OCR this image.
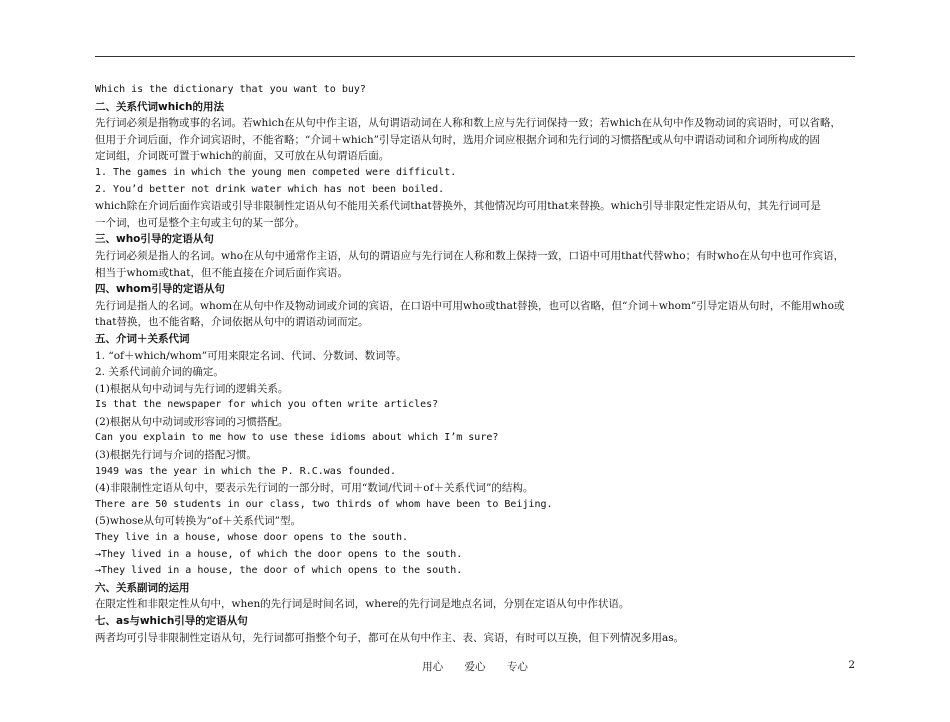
Which is the dictionary that you want to buy?
二、关系代词which的用法
先行词必须是指物或事的名词。若which在从句中作主语，从句谓语动词在人称和数上应与先行词保持一致；若which在从句中作及物动词的宾语时，可以省略，
但用于介词后面，作介词宾语时，不能省略；“介词＋which”引导定语从句时，选用介词应根据介词和先行词的习惯搭配或从句中谓语动词和介词所构成的固
定词组，介词既可置于which的前面，又可放在从句谓语后面。
1. The games in which the young men competed were difficult.
2. You’d better not drink water which has not been boiled.
which除在介词后面作宾语或引导非限制性定语从句不能用关系代词that替换外，其他情况均可用that来替换。which引导非限定性定语从句，其先行词可是
一个词，也可是整个主句或主句的某一部分。
三、who引导的定语从句
先行词必须是指人的名词。who在从句中通常作主语，从句的谓语应与先行词在人称和数上保持一致，口语中可用that代替who；有时who在从句中也可作宾语，
相当于whom或that，但不能直接在介词后面作宾语。
四、whom引导的定语从句
先行词是指人的名词。whom在从句中作及物动词或介词的宾语，在口语中可用who或that替换，也可以省略，但“介词＋whom”引导定语从句时，不能用who或
that替换，也不能省略，介词依据从句中的谓语动词而定。
五、介词＋关系代词
1. “of＋which/whom”可用来限定名词、代词、分数词、数词等。
2. 关系代词前介词的确定。
(1)根据从句中动词与先行词的逻辑关系。
Is that the newspaper for which you often write articles?
(2)根据从句中动词或形容词的习惯搭配。
Can you explain to me how to use these idioms about which I’m sure?
(3)根据先行词与介词的搭配习惯。
1949 was the year in which the P. R.C.was founded.
(4)非限制性定语从句中，要表示先行词的一部分时，可用“数词/代词＋of＋关系代词”的结构。
There are 50 students in our class, two thirds of whom have been to Beijing.
(5)whose从句可转换为“of＋关系代词”型。
They live in a house, whose door opens to the south.
→They lived in a house, of which the door opens to the south.
→They lived in a house, the door of which opens to the south.
六、关系副词的运用
在限定性和非限定性从句中，when的先行词是时间名词，where的先行词是地点名词，分别在定语从句中作状语。
七、as与which引导的定语从句
两者均可引导非限制性定语从句，先行词都可指整个句子，都可在从句中作主、表、宾语，有时可以互换，但下列情况多用as。
用心 爱心 专心	2
